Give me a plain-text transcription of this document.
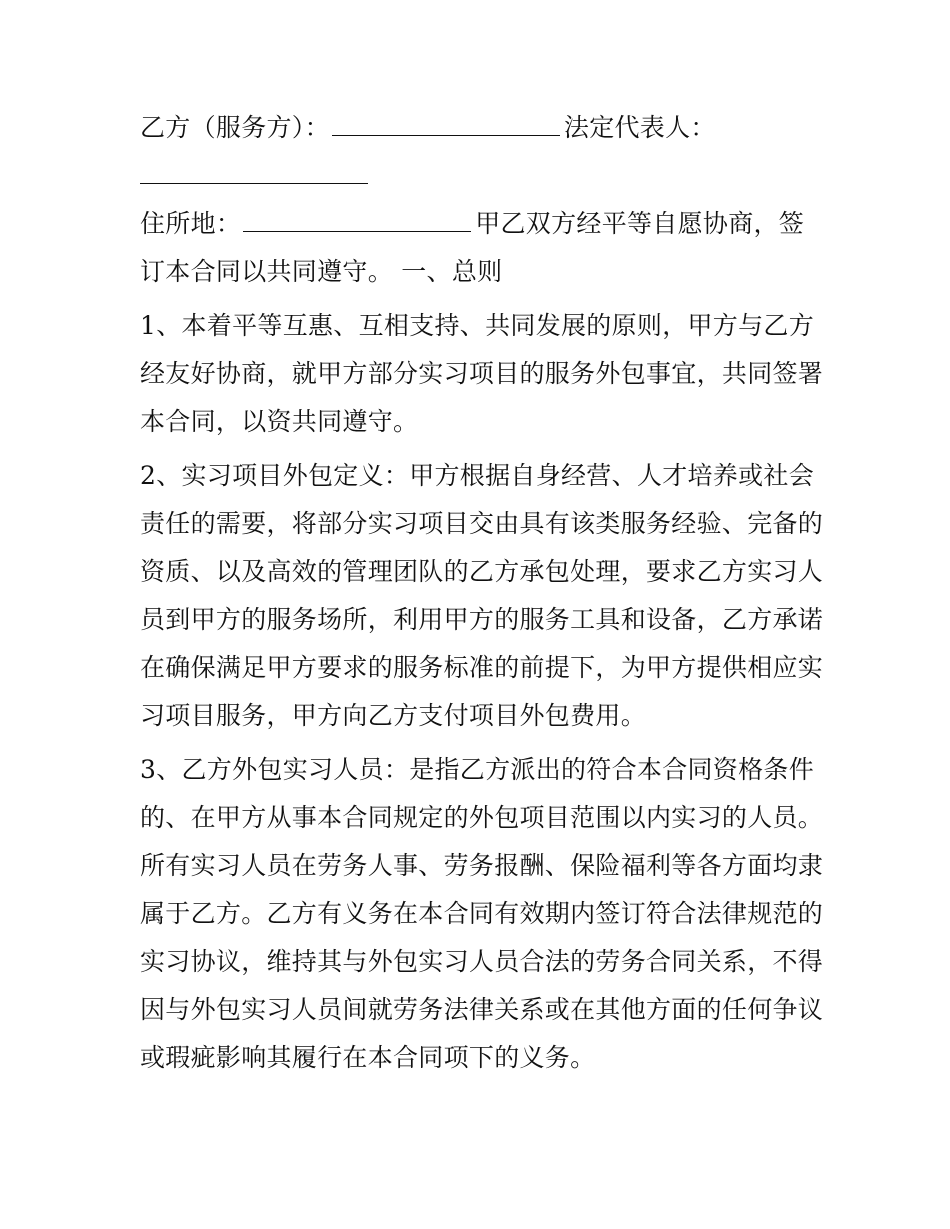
乙方（服务方）：	法定代表人：
住所地：	甲乙双方经平等自愿协商，签
订本合同以共同遵守。 一、总则
1、本着平等互惠、互相支持、共同发展的原则，甲方与乙方
经友好协商，就甲方部分实习项目的服务外包事宜，共同签署
本合同，以资共同遵守。
2、实习项目外包定义：甲方根据自身经营、人才培养或社会
责任的需要，将部分实习项目交由具有该类服务经验、完备的
资质、以及高效的管理团队的乙方承包处理，要求乙方实习人
员到甲方的服务场所，利用甲方的服务工具和设备，乙方承诺
在确保满足甲方要求的服务标准的前提下，为甲方提供相应实
习项目服务，甲方向乙方支付项目外包费用。
3、乙方外包实习人员：是指乙方派出的符合本合同资格条件
的、在甲方从事本合同规定的外包项目范围以内实习的人员。
所有实习人员在劳务人事、劳务报酬、保险福利等各方面均隶
属于乙方。乙方有义务在本合同有效期内签订符合法律规范的
实习协议，维持其与外包实习人员合法的劳务合同关系，不得
因与外包实习人员间就劳务法律关系或在其他方面的任何争议
或瑕疵影响其履行在本合同项下的义务。
